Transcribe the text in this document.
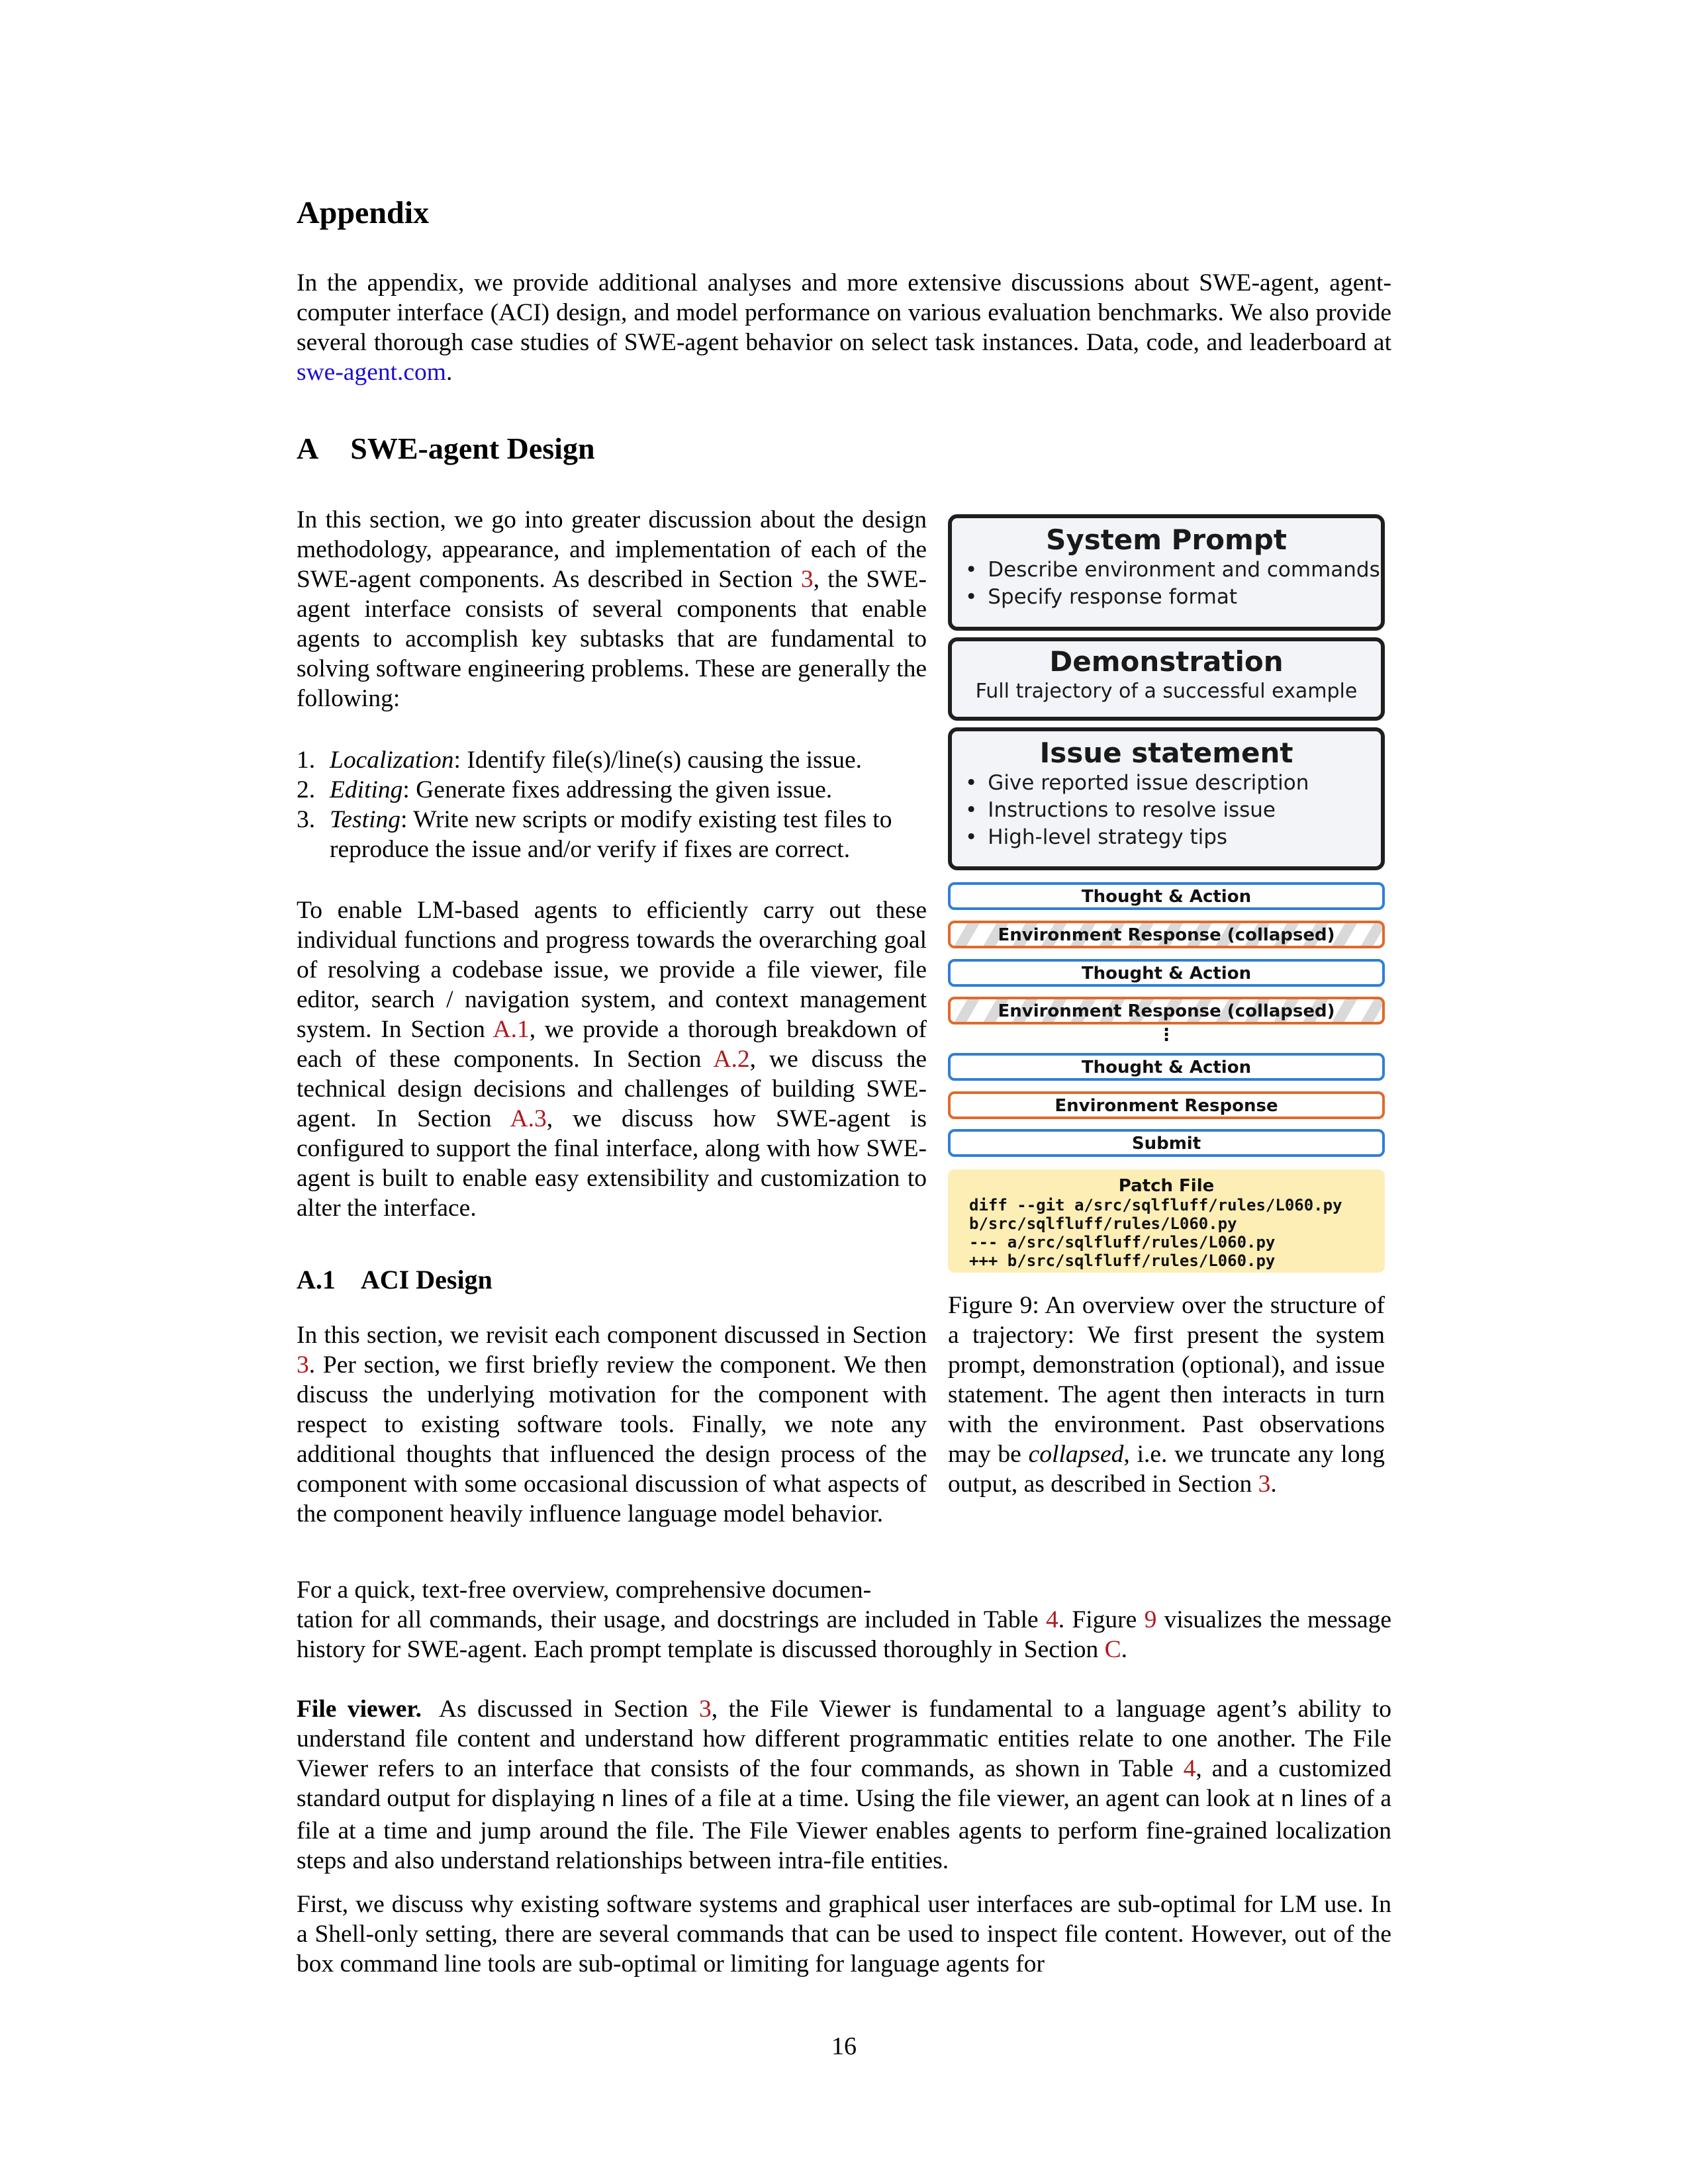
Appendix

In the appendix, we provide additional analyses and more extensive discussions about SWE-agent, agent-computer interface (ACI) design, and model performance on various evaluation benchmarks. We also provide several thorough case studies of SWE-agent behavior on select task instances. Data, code, and leaderboard at swe-agent.com.

A SWE-agent Design

In this section, we go into greater discussion about the design methodology, appearance, and implementation of each of the SWE-agent components. As described in Section 3, the SWE-agent interface consists of several components that enable agents to accomplish key subtasks that are fundamental to solving software engineering problems. These are generally the following:

1. Localization: Identify file(s)/line(s) causing the issue.
2. Editing: Generate fixes addressing the given issue.
3. Testing: Write new scripts or modify existing test files to reproduce the issue and/or verify if fixes are correct.

To enable LM-based agents to efficiently carry out these individual functions and progress towards the overarching goal of resolving a codebase issue, we provide a file viewer, file editor, search / navigation system, and context management system. In Section A.1, we provide a thorough breakdown of each of these components. In Section A.2, we discuss the technical design decisions and challenges of building SWE-agent. In Section A.3, we discuss how SWE-agent is configured to support the final interface, along with how SWE-agent is built to enable easy extensibility and customization to alter the interface.

A.1 ACI Design

In this section, we revisit each component discussed in Section 3. Per section, we first briefly review the component. We then discuss the underlying motivation for the component with respect to existing software tools. Finally, we note any additional thoughts that influenced the design process of the component with some occasional discussion of what aspects of the component heavily influence language model behavior.

For a quick, text-free overview, comprehensive documen-

tation for all commands, their usage, and docstrings are included in Table 4. Figure 9 visualizes the message history for SWE-agent. Each prompt template is discussed thoroughly in Section C.

File viewer. As discussed in Section 3, the File Viewer is fundamental to a language agent’s ability to understand file content and understand how different programmatic entities relate to one another. The File Viewer refers to an interface that consists of the four commands, as shown in Table 4, and a customized standard output for displaying n lines of a file at a time. Using the file viewer, an agent can look at n lines of a file at a time and jump around the file. The File Viewer enables agents to perform fine-grained localization steps and also understand relationships between intra-file entities.

First, we discuss why existing software systems and graphical user interfaces are sub-optimal for LM use. In a Shell-only setting, there are several commands that can be used to inspect file content. However, out of the box command line tools are sub-optimal or limiting for language agents for

System Prompt
• Describe environment and commands
• Specify response format
Demonstration
Full trajectory of a successful example
Issue statement
• Give reported issue description
• Instructions to resolve issue
• High-level strategy tips
Thought & Action
Environment Response (collapsed)
Thought & Action
Environment Response (collapsed)
⋮
Thought & Action
Environment Response
Submit
Patch File
diff --git a/src/sqlfluff/rules/L060.py
b/src/sqlfluff/rules/L060.py
--- a/src/sqlfluff/rules/L060.py
+++ b/src/sqlfluff/rules/L060.py

Figure 9: An overview over the structure of a trajectory: We first present the system prompt, demonstration (optional), and issue statement. The agent then interacts in turn with the environment. Past observations may be collapsed, i.e. we truncate any long output, as described in Section 3.

16
